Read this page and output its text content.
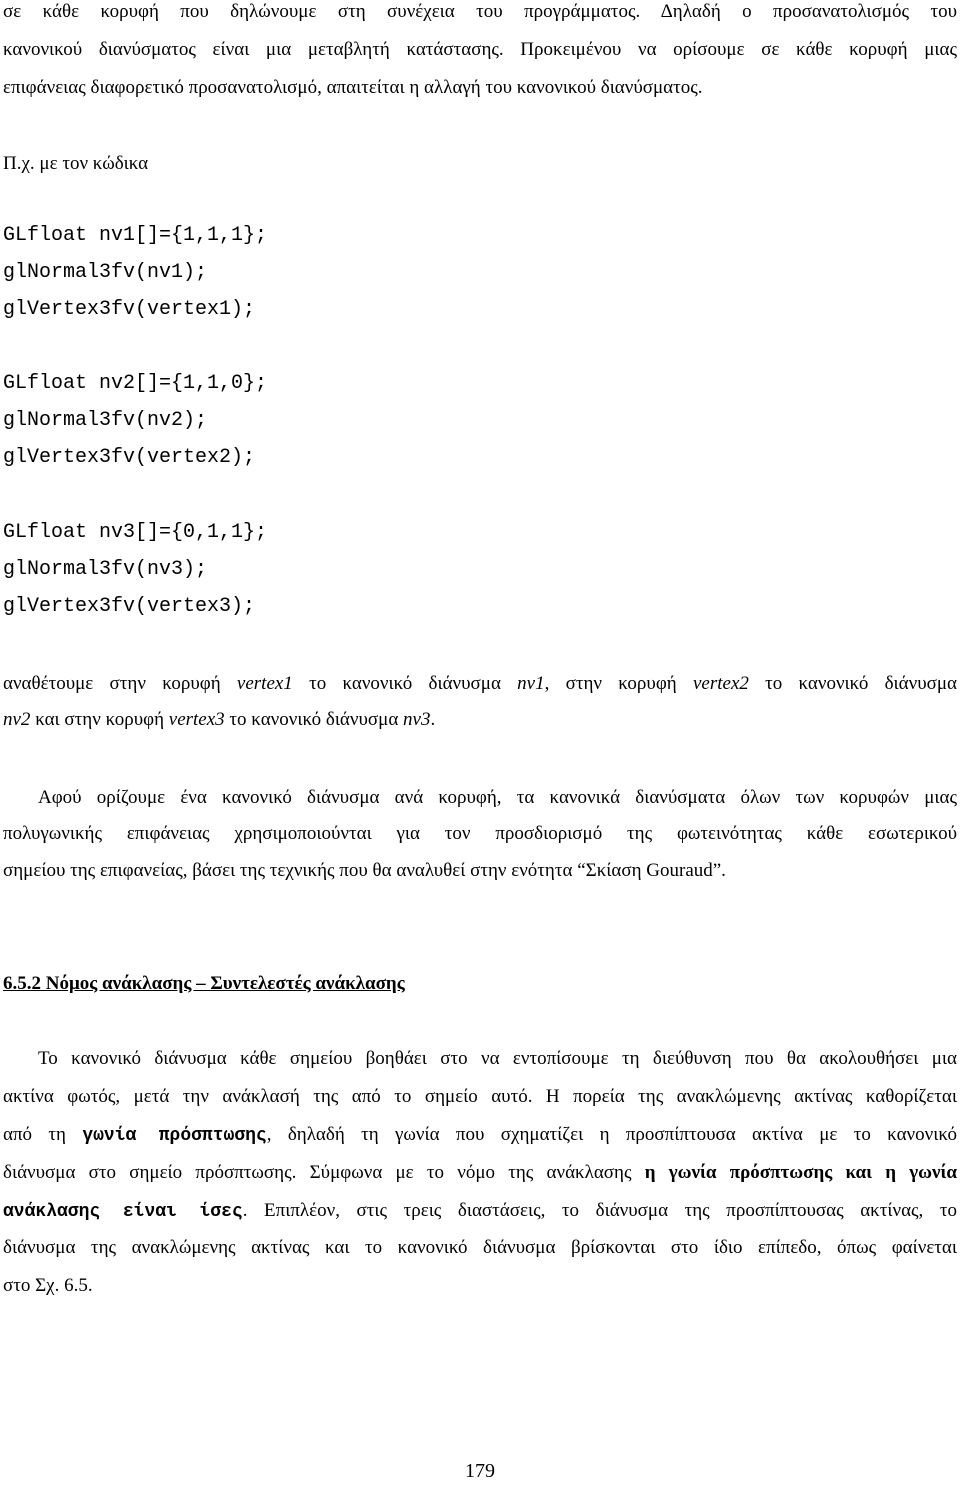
σε κάθε κορυφή που δηλώνουμε στη συνέχεια του προγράμματος. Δηλαδή ο προσανατολισμός του
κανονικού διανύσματος είναι μια μεταβλητή κατάστασης. Προκειμένου να ορίσουμε σε κάθε κορυφή μιας
επιφάνειας διαφορετικό προσανατολισμό, απαιτείται η αλλαγή του κανονικού διανύσματος.
Π.χ. με τον κώδικα
GLfloat nv1[]={1,1,1};
glNormal3fv(nv1);
glVertex3fv(vertex1);
GLfloat nv2[]={1,1,0};
glNormal3fv(nv2);
glVertex3fv(vertex2);
GLfloat nv3[]={0,1,1};
glNormal3fv(nv3);
glVertex3fv(vertex3);
αναθέτουμε στην κορυφή vertex1 το κανονικό διάνυσμα nv1, στην κορυφή vertex2 το κανονικό διάνυσμα
nv2 και στην κορυφή vertex3 το κανονικό διάνυσμα nv3.
Αφού ορίζουμε ένα κανονικό διάνυσμα ανά κορυφή, τα κανονικά διανύσματα όλων των κορυφών μιας
πολυγωνικής επιφάνειας χρησιμοποιούνται για τον προσδιορισμό της φωτεινότητας κάθε εσωτερικού
σημείου της επιφανείας, βάσει της τεχνικής που θα αναλυθεί στην ενότητα “Σκίαση Gouraud”.
6.5.2 Νόμος ανάκλασης – Συντελεστές ανάκλασης
Το κανονικό διάνυσμα κάθε σημείου βοηθάει στο να εντοπίσουμε τη διεύθυνση που θα ακολουθήσει μια
ακτίνα φωτός, μετά την ανάκλασή της από το σημείο αυτό. Η πορεία της ανακλώμενης ακτίνας καθορίζεται
από τη γωνία πρόσπτωσης, δηλαδή τη γωνία που σχηματίζει η προσπίπτουσα ακτίνα με το κανονικό
διάνυσμα στο σημείο πρόσπτωσης. Σύμφωνα με το νόμο της ανάκλασης η γωνία πρόσπτωσης και η γωνία
ανάκλασης είναι ίσες. Επιπλέον, στις τρεις διαστάσεις, το διάνυσμα της προσπίπτουσας ακτίνας, το
διάνυσμα της ανακλώμενης ακτίνας και το κανονικό διάνυσμα βρίσκονται στο ίδιο επίπεδο, όπως φαίνεται
στο Σχ. 6.5.
179
